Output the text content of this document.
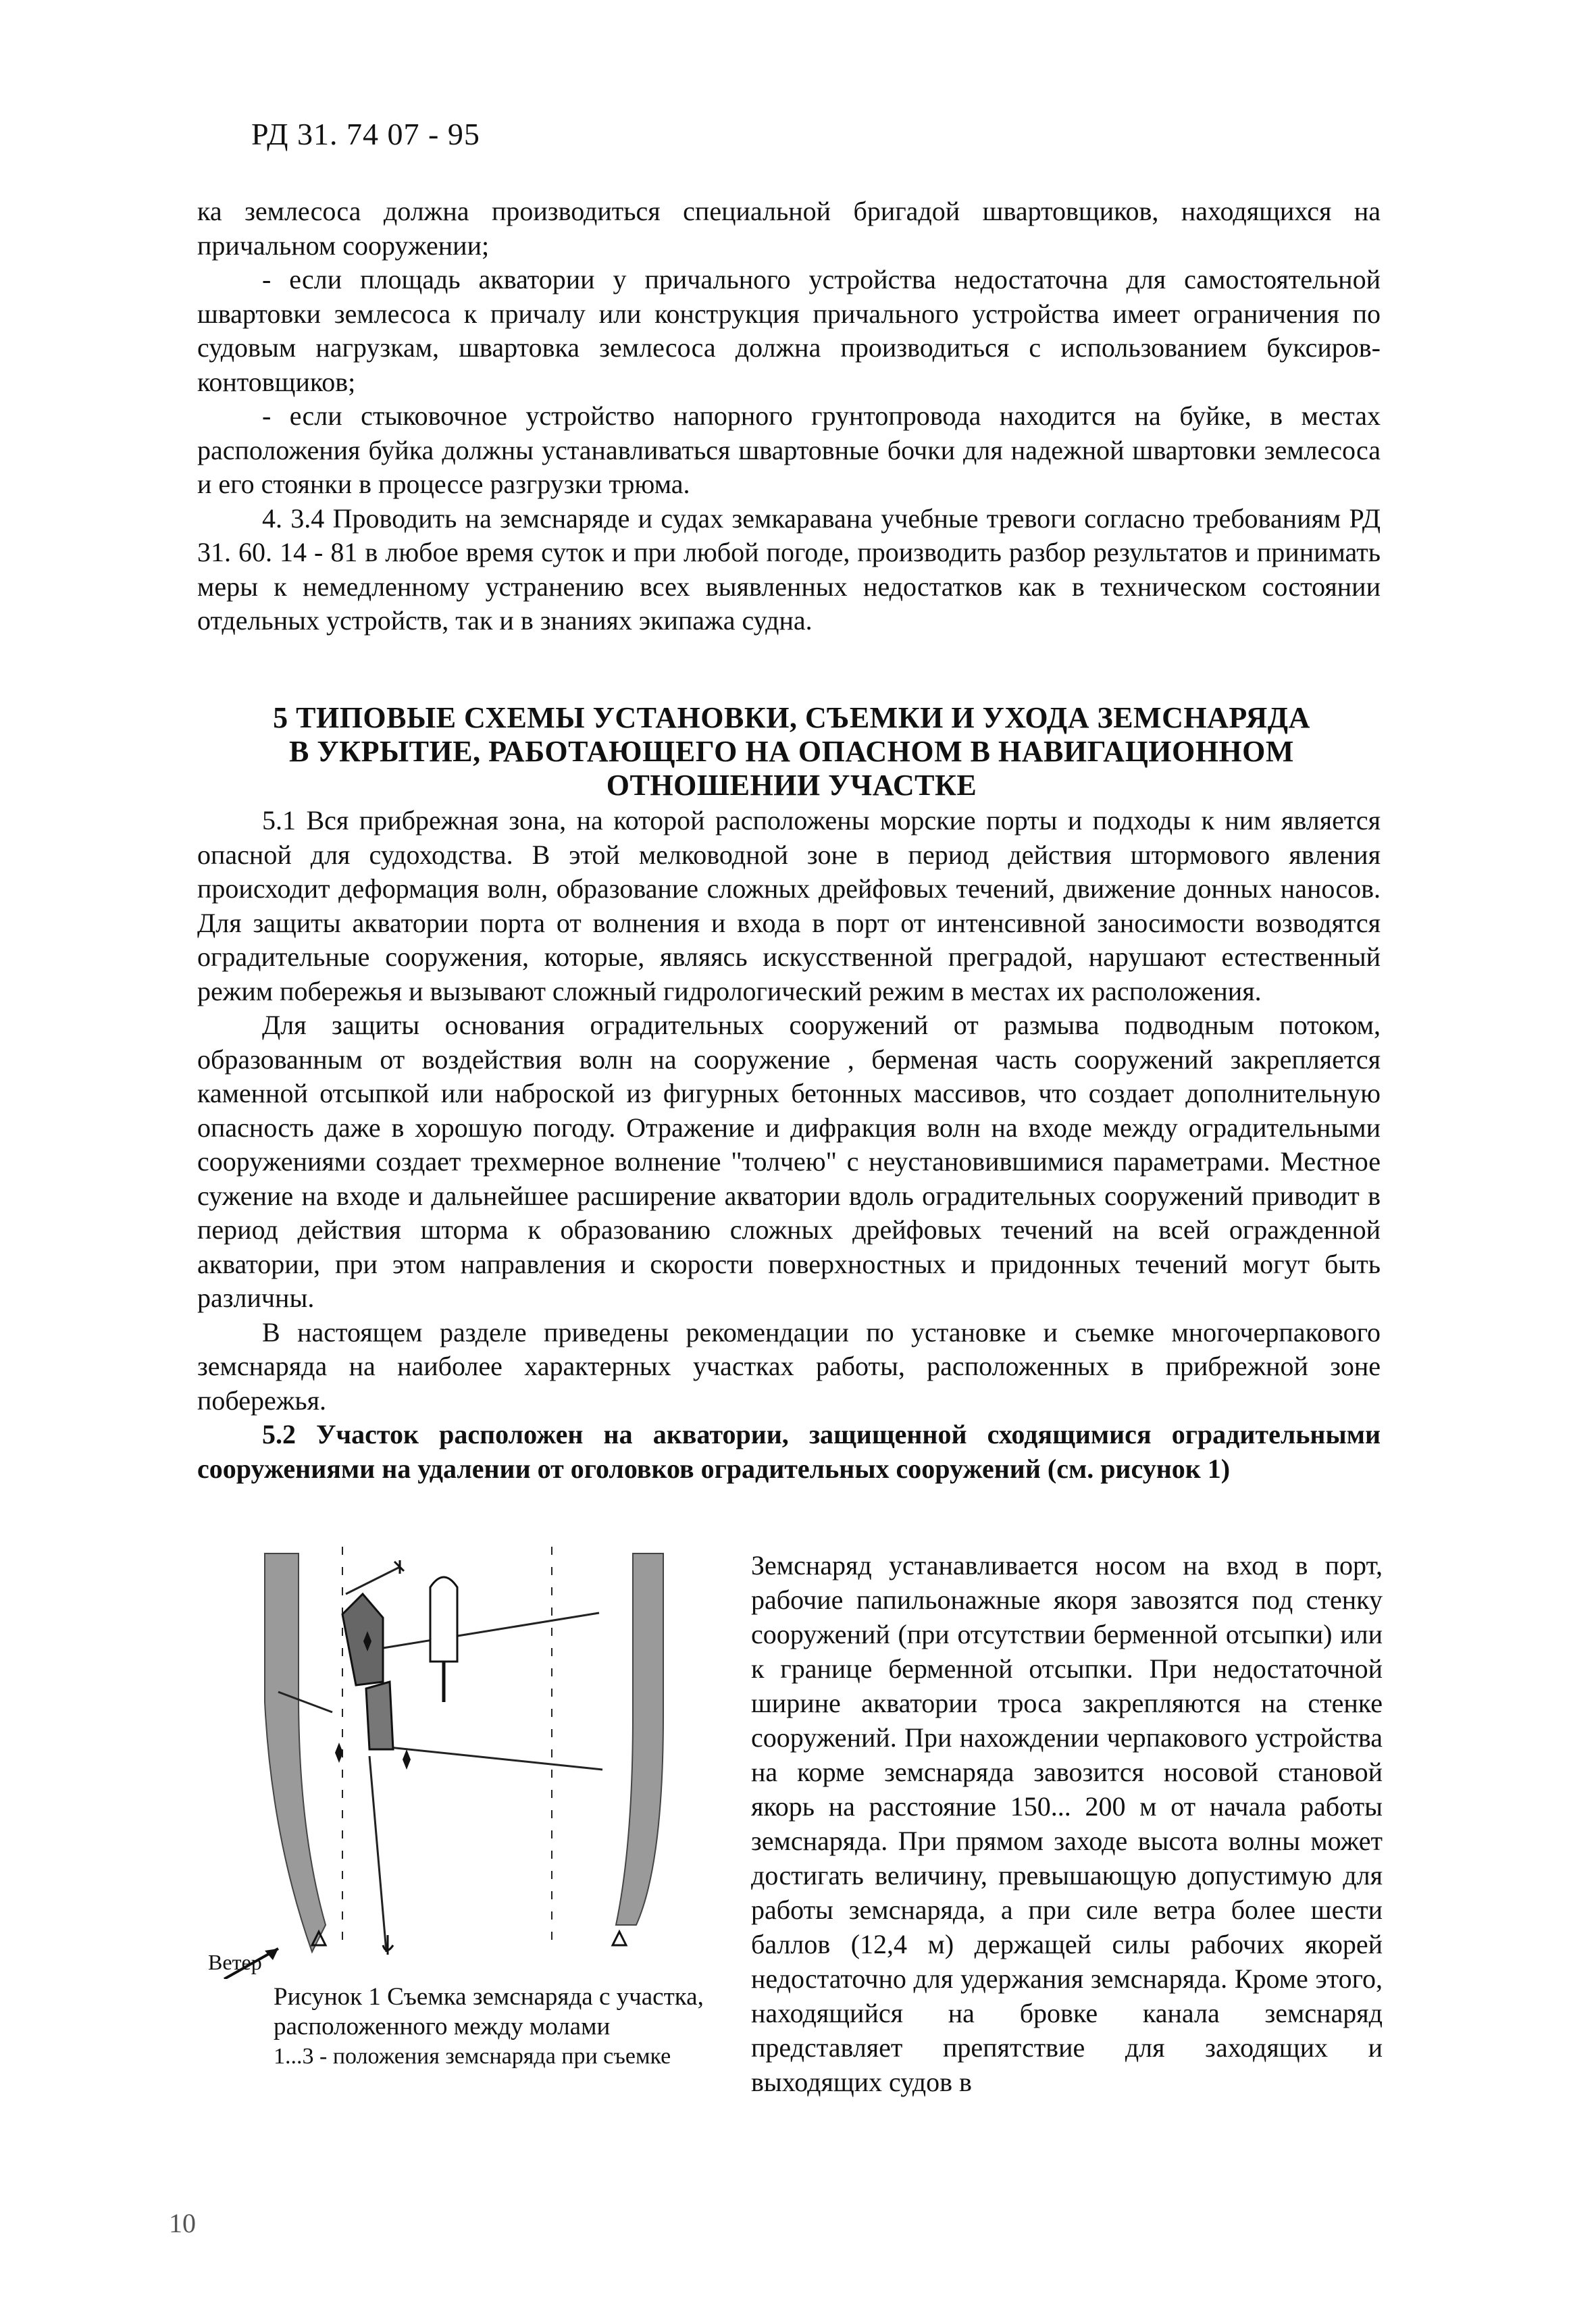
РД 31. 74 07 - 95

ка землесоса должна производиться специальной бригадой швартовщиков, находящихся на причальном сооружении;

- если площадь акватории у причального устройства недостаточна для самостоятельной швартовки землесоса к причалу или конструкция причального устройства имеет ограничения по судовым нагрузкам, швартовка землесоса должна производиться с использованием буксиров-контовщиков;

- если стыковочное устройство напорного грунтопровода находится на буйке, в местах расположения буйка должны устанавливаться швартовные бочки для надежной швартовки землесоса и его стоянки в процессе разгрузки трюма.

4. 3.4 Проводить на земснаряде и судах земкаравана учебные тревоги согласно требованиям РД 31. 60. 14 - 81 в любое время суток и при любой погоде, производить разбор результатов и принимать меры к немедленному устранению всех выявленных недостатков как в техническом состоянии отдельных устройств, так и в знаниях экипажа судна.

5 ТИПОВЫЕ СХЕМЫ УСТАНОВКИ, СЪЕМКИ И УХОДА ЗЕМСНАРЯДА
В УКРЫТИЕ, РАБОТАЮЩЕГО НА ОПАСНОМ В НАВИГАЦИОННОМ
ОТНОШЕНИИ УЧАСТКЕ

5.1 Вся прибрежная зона, на которой расположены морские порты и подходы к ним является опасной для судоходства. В этой мелководной зоне в период действия штормового явления происходит деформация волн, образование сложных дрейфовых течений, движение донных наносов. Для защиты акватории порта от волнения и входа в порт от интенсивной заносимости возводятся оградительные сооружения, которые, являясь искусственной преградой, нарушают естественный режим побережья и вызывают сложный гидрологический режим в местах их расположения.

Для защиты основания оградительных сооружений от размыва подводным потоком, образованным от воздействия волн на сооружение , берменая часть сооружений закрепляется каменной отсыпкой или наброской из фигурных бетонных массивов, что создает дополнительную опасность даже в хорошую погоду. Отражение и дифракция волн на входе между оградительными сооружениями создает трехмерное волнение "толчею" с неустановившимися параметрами. Местное сужение на входе и дальнейшее расширение акватории вдоль оградительных сооружений приводит в период действия шторма к образованию сложных дрейфовых течений на всей огражденной акватории, при этом направления и скорости поверхностных и придонных течений могут быть различны.

В настоящем разделе приведены рекомендации по установке и съемке многочерпакового земснаряда на наиболее характерных участках работы, расположенных в прибрежной зоне побережья.

5.2 Участок расположен на акватории, защищенной сходящимися оградительными сооружениями на удалении от оголовков оградительных сооружений (см. рисунок 1)

Ветер
Рисунок 1 Съемка земснаряда с участка,
расположенного между молами
1...3 - положения земснаряда при съемке

Земснаряд устанавливается носом на вход в порт, рабочие папильонажные якоря завозятся под стенку сооружений (при отсутствии берменной отсыпки) или к границе берменной отсыпки. При недостаточной ширине акватории троса закрепляются на стенке сооружений. При нахождении черпакового устройства на корме земснаряда завозится носовой становой якорь на расстояние 150... 200 м от начала работы земснаряда. При прямом заходе высота волны может достигать величину, превышающую допустимую для работы земснаряда, а при силе ветра более шести баллов (12,4 м) держащей силы рабочих якорей недостаточно для удержания земснаряда. Кроме этого, находящийся на бровке канала земснаряд представляет препятствие для заходящих и выходящих судов в

10
